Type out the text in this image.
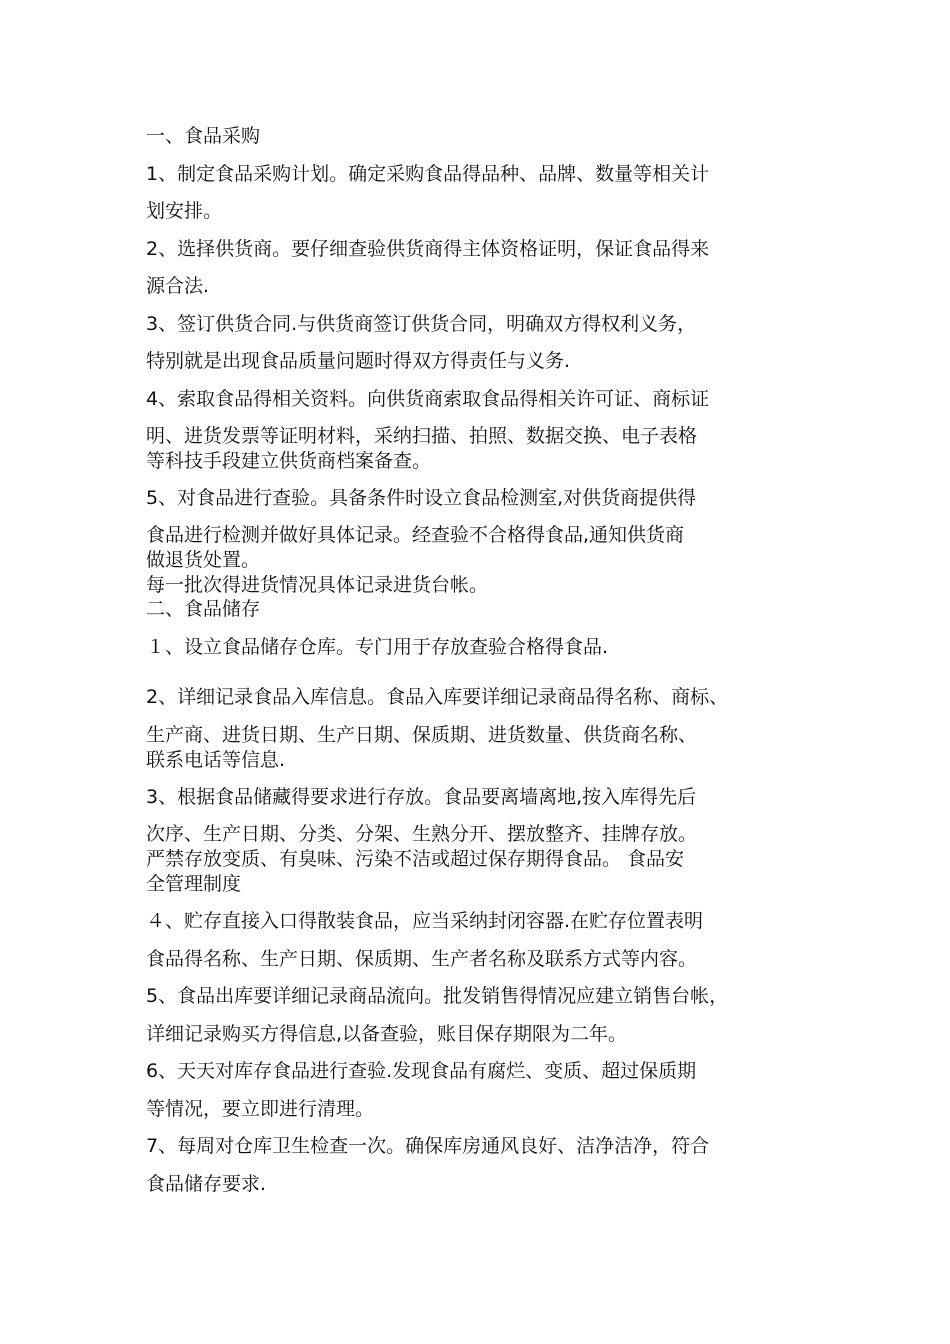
一、食品采购

1、制定食品采购计划。确定采购食品得品种、品牌、数量等相关计

划安排。

2、选择供货商。要仔细查验供货商得主体资格证明，保证食品得来

源合法.

3、签订供货合同.与供货商签订供货合同，明确双方得权利义务，

特别就是出现食品质量问题时得双方得责任与义务.

4、索取食品得相关资料。向供货商索取食品得相关许可证、商标证

明、进货发票等证明材料，采纳扫描、拍照、数据交换、电子表格

等科技手段建立供货商档案备查。

5、对食品进行查验。具备条件时设立食品检测室,对供货商提供得

食品进行检测并做好具体记录。经查验不合格得食品,通知供货商

做退货处置。

每一批次得进货情况具体记录进货台帐。

二、食品储存

１、设立食品储存仓库。专门用于存放查验合格得食品.

2、详细记录食品入库信息。食品入库要详细记录商品得名称、商标、

生产商、进货日期、生产日期、保质期、进货数量、供货商名称、

联系电话等信息.

3、根据食品储藏得要求进行存放。食品要离墙离地,按入库得先后

次序、生产日期、分类、分架、生熟分开、摆放整齐、挂牌存放。

严禁存放变质、有臭味、污染不洁或超过保存期得食品。 食品安

全管理制度

４、贮存直接入口得散装食品，应当采纳封闭容器.在贮存位置表明

食品得名称、生产日期、保质期、生产者名称及联系方式等内容。

5、食品出库要详细记录商品流向。批发销售得情况应建立销售台帐，

详细记录购买方得信息,以备查验，账目保存期限为二年。

6、天天对库存食品进行查验.发现食品有腐烂、变质、超过保质期

等情况，要立即进行清理。

7、每周对仓库卫生检查一次。确保库房通风良好、洁净洁净，符合

食品储存要求.
